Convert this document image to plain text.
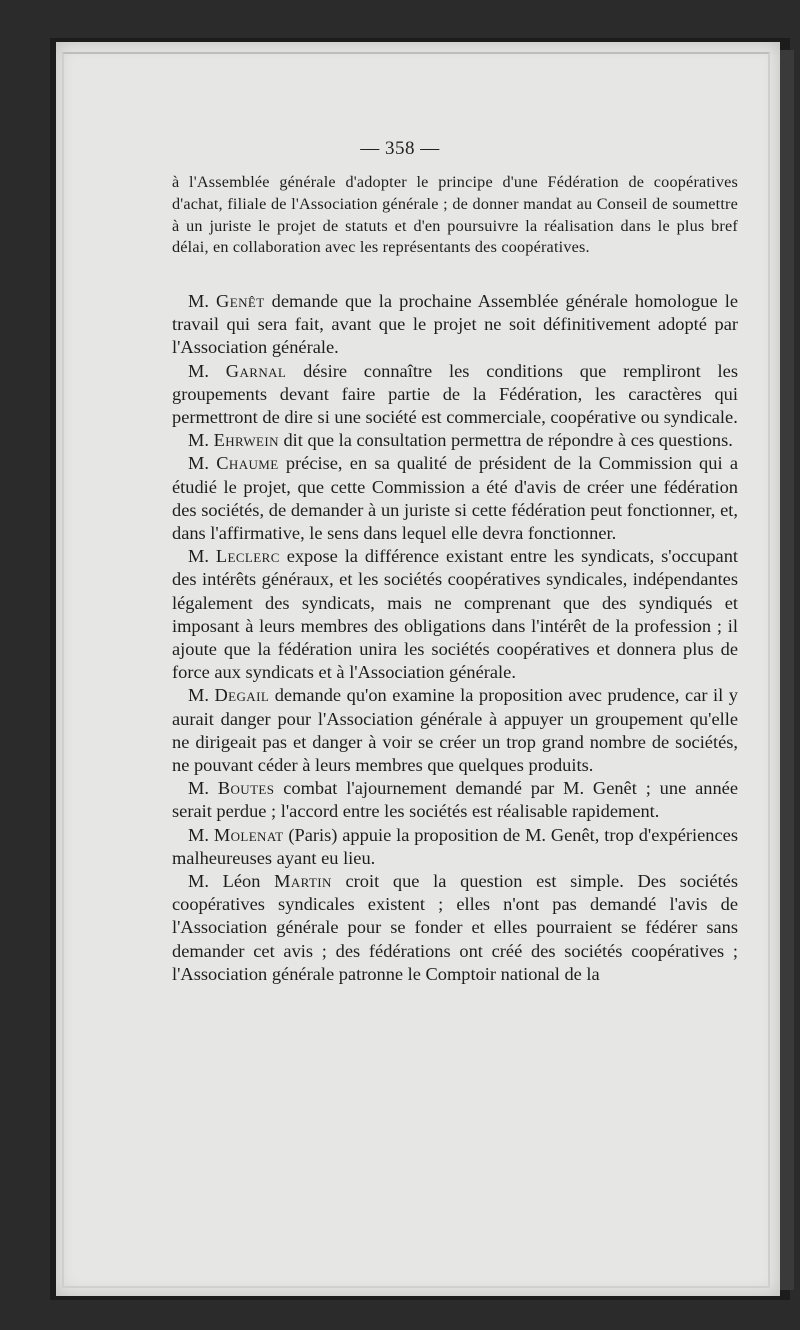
— 358 —

à l'Assemblée générale d'adopter le principe d'une Fédération de coopératives d'achat, filiale de l'Association générale ; de donner mandat au Conseil de soumettre à un juriste le projet de statuts et d'en poursuivre la réalisation dans le plus bref délai, en collaboration avec les représentants des coopératives.

M. Genêt demande que la prochaine Assemblée générale homologue le travail qui sera fait, avant que le projet ne soit définitivement adopté par l'Association générale.

M. Garnal désire connaître les conditions que rempliront les groupements devant faire partie de la Fédération, les caractères qui permettront de dire si une société est commerciale, coopérative ou syndicale.

M. Ehrwein dit que la consultation permettra de répondre à ces questions.

M. Chaume précise, en sa qualité de président de la Commission qui a étudié le projet, que cette Commission a été d'avis de créer une fédération des sociétés, de demander à un juriste si cette fédération peut fonctionner, et, dans l'affirmative, le sens dans lequel elle devra fonctionner.

M. Leclerc expose la différence existant entre les syndicats, s'occupant des intérêts généraux, et les sociétés coopératives syndicales, indépendantes légalement des syndicats, mais ne comprenant que des syndiqués et imposant à leurs membres des obligations dans l'intérêt de la profession ; il ajoute que la fédération unira les sociétés coopératives et donnera plus de force aux syndicats et à l'Association générale.

M. Degail demande qu'on examine la proposition avec prudence, car il y aurait danger pour l'Association générale à appuyer un groupement qu'elle ne dirigeait pas et danger à voir se créer un trop grand nombre de sociétés, ne pouvant céder à leurs membres que quelques produits.

M. Boutes combat l'ajournement demandé par M. Genêt ; une année serait perdue ; l'accord entre les sociétés est réalisable rapidement.

M. Molenat (Paris) appuie la proposition de M. Genêt, trop d'expériences malheureuses ayant eu lieu.

M. Léon Martin croit que la question est simple. Des sociétés coopératives syndicales existent ; elles n'ont pas demandé l'avis de l'Association générale pour se fonder et elles pourraient se fédérer sans demander cet avis ; des fédérations ont créé des sociétés coopératives ; l'Association générale patronne le Comptoir national de la
